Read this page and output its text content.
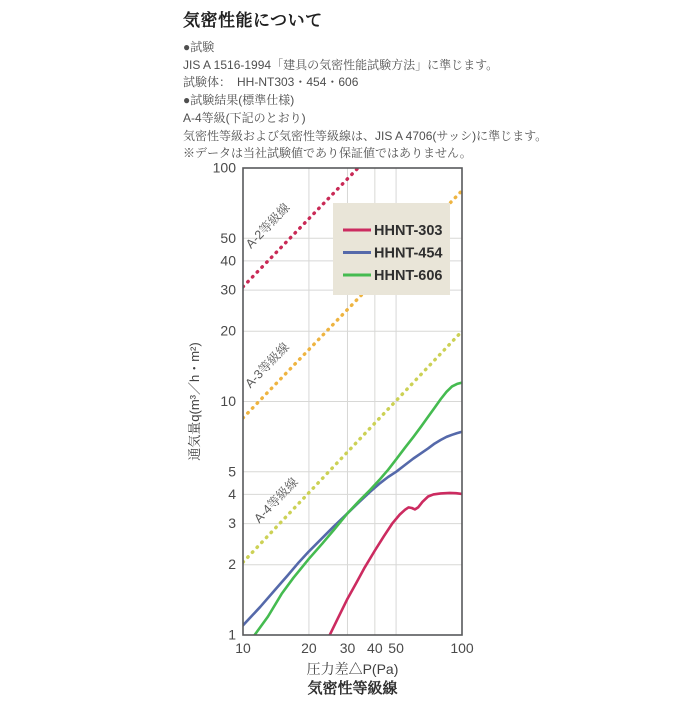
気密性能について
●試験
JIS A 1516-1994「建具の気密性能試験方法」に準じます。
試験体：　HH-NT303・454・606
●試験結果(標準仕様)
A-4等級(下記のとおり)
気密性等級および気密性等級線は、JIS A 4706(サッシ)に準じます。
※データは当社試験値であり保証値ではありません。
A-2等級線
A-3等級線
A-4等級線
1
2
3
4
5
10
20
30
40
50
100
10	20 30 40 50	100
圧力差△P(Pa)
気密性等級線
通気量q(m³／h・m²)
HHNT-303
HHNT-454
HHNT-606
